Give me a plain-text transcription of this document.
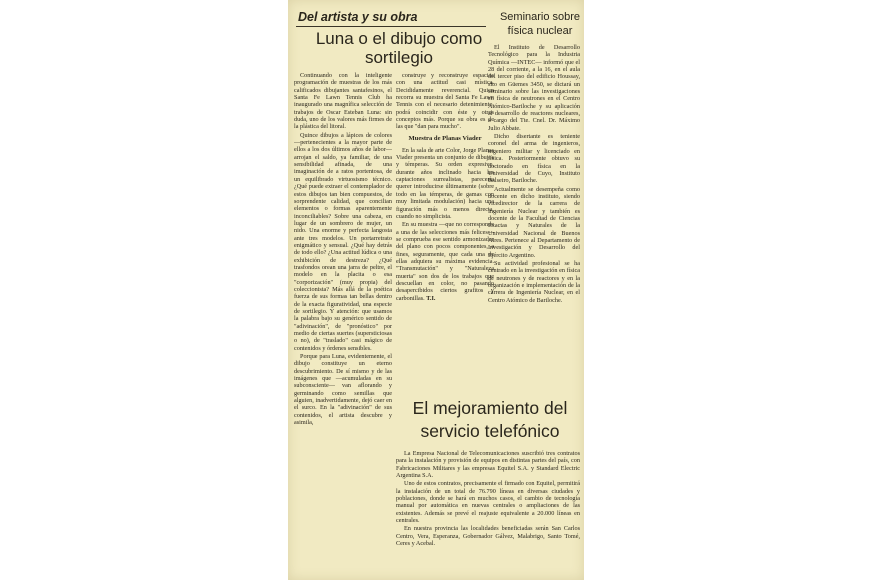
Del artista y su obra
Luna o el dibujo como sortilegio
Seminario sobre física nuclear

Continuando con la inteligente programación de muestras de los más calificados dibujantes santafesinos, el Santa Fe Lawn Tennis Club ha inaugurado una magnífica selección de trabajos de Oscar Esteban Luna: sin duda, uno de los valores más firmes de la plástica del litoral.

Quince dibujos a lápices de colores —pertenecientes a la mayor parte de ellos a los dos últimos años de labor— arrojan el saldo, ya familiar, de una sensibilidad afinada, de una imaginación de a ratos portentosa, de un equilibrado virtuosismo técnico. ¿Qué puede extraer el contemplador de estos dibujos tan bien compuestos, de sorprendente calidad, que concilian elementos o formas aparentemente inconciliables? Sobre una cabeza, en lugar de un sombrero de mujer, un nido. Una enorme y perfecta langosta ante tres modelos. Un portarretrato enigmático y sensual. ¿Qué hay detrás de todo ello? ¿Una actitud lúdica o una exhibición de destreza? ¿Qué trasfondos orean una jarra de peltre, el modelo en la placita o esa "corporización" (muy propia) del coleccionista? Más allá de la poética fuerza de sus formas tan bellas dentro de la exacta figuratividad, una especie de sortilegio. Y atención: que usamos la palabra bajo su genérico sentido de "adivinación", de "pronóstico" por medio de ciertas suertes (supersticiosas o no), de "traslado" casi mágico de contenidos y órdenes sensibles.

Porque para Luna, evidentemente, el dibujo constituye un eterno descubrimiento. De sí mismo y de las imágenes que —acumuladas en su subconsciente— van aflorando y germinando como semillas que alguien, inadvertidamente, dejó caer en el surco. En la "adivinación" de sus contenidos, el artista descubre y asimila,

construye y reconstruye espacios con una actitud casi mística. Decididamente reverencial. Quien recorra su muestra del Santa Fe Lawn Tennis con el necesario detenimiento, podrá coincidir con éste y otros conceptos más. Porque su obra es de las que "dan para mucho".

Muestra de Planas Viader

En la sala de arte Color, Jorge Planas Viader presenta un conjunto de dibujos y témperas. Su orden expresivo, durante años inclinado hacia las captaciones surrealistas, parecería querer introducirse últimamente (sobre todo en las témperas, de gamas con muy limitada modulación) hacia una figuración más o menos directa, cuando no simplicista.

En su muestra —que no corresponde a una de las selecciones más felices— se comprueba ese sentido armonizador del plano con pocos componentes, a fines, seguramente, que cada una de ellas adquiera su máxima evidencia. "Transmutación" y "Naturaleza muerta" son dos de los trabajos que descuellan en color, no pasando desapercibidos ciertos grafitos y carbonillas. T.I.

El Instituto de Desarrollo Tecnológico para la Industria Química —INTEC— informó que el 28 del corriente, a la 16, en el aula del tercer piso del edificio Houssay, sito en Güemes 3450, se dictará un seminario sobre las investigaciones en física de neutrones en el Centro Atómico-Bariloche y su aplicación al desarrollo de reactores nucleares, a cargo del Tte. Cnel. Dr. Máximo Julio Abbate.

Dicho disertante es teniente coronel del arma de ingenieros, ingeniero militar y licenciado en física. Posteriormente obtuvo su doctorado en física en la Universidad de Cuyo, Instituto Balseiro, Bariloche.

Actualmente se desempeña como docente en dicho instituto, siendo vicedirector de la carrera de Ingeniería Nuclear y también es docente de la Facultad de Ciencias Exactas y Naturales de la Universidad Nacional de Buenos Aires. Pertenece al Departamento de Investigación y Desarrollo del Ejército Argentino.

Su actividad profesional se ha centrado en la investigación en física de neutrones y de reactores y en la organización e implementación de la carrera de Ingeniería Nuclear, en el Centro Atómico de Bariloche.

El mejoramiento del servicio telefónico

La Empresa Nacional de Telecomunicaciones suscribió tres contratos para la instalación y provisión de equipos en distintas partes del país, con Fabricaciones Militares y las empresas Equitel S.A. y Standard Electric Argentina S.A.

Uno de estos contratos, precisamente el firmado con Equitel, permitirá la instalación de un total de 76.790 líneas en diversas ciudades y poblaciones, donde se hará en muchos casos, el cambio de tecnología manual por automática en nuevas centrales o ampliaciones de las existentes. Además se prevé el reajuste equivalente a 20.000 líneas en centrales.

En nuestra provincia las localidades beneficiadas serán San Carlos Centro, Vera, Esperanza, Gobernador Gálvez, Malabrigo, Santo Tomé, Ceres y Acebal.
